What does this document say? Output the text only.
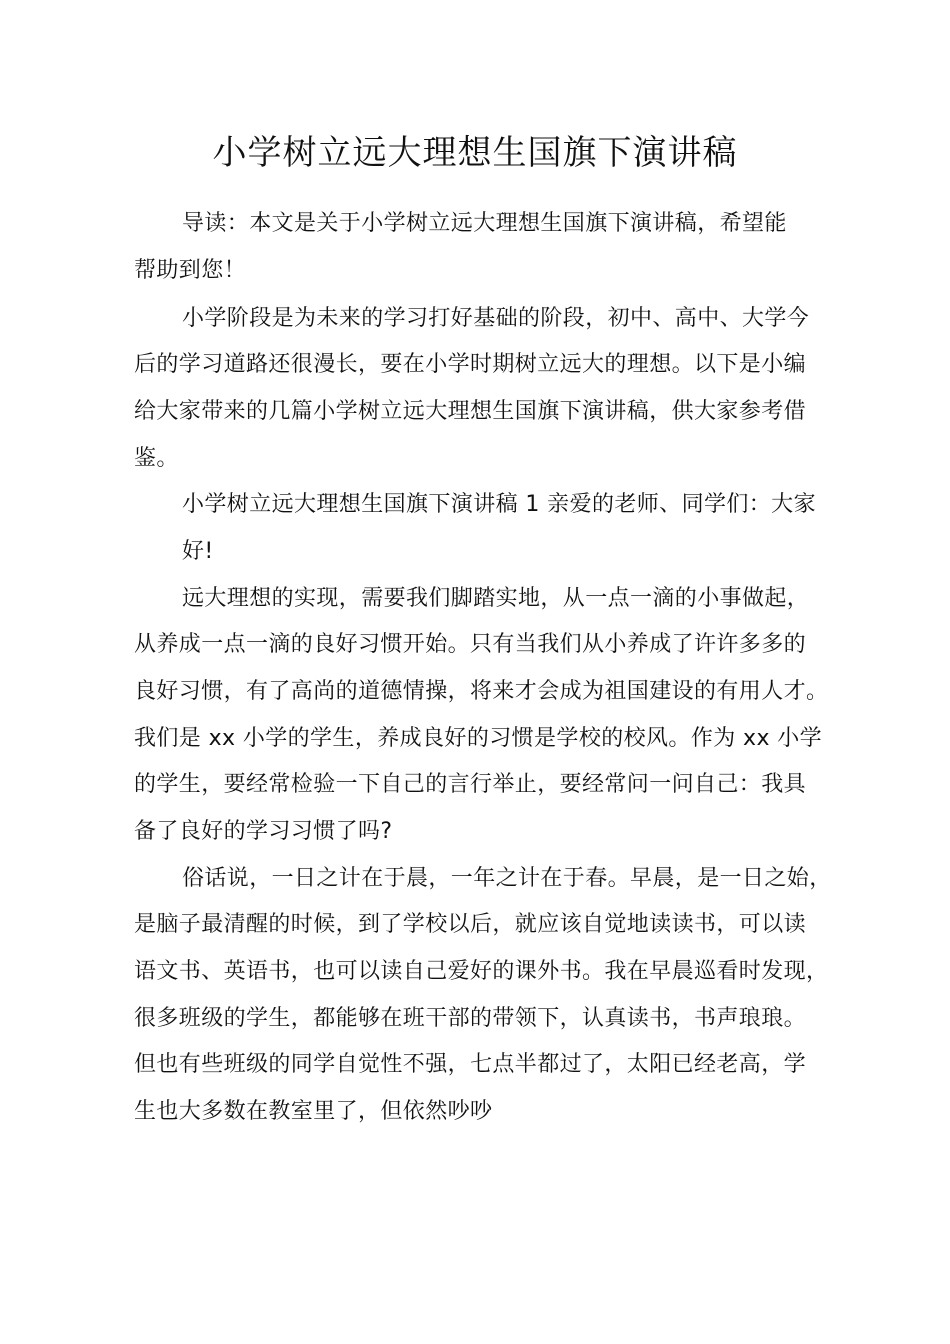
小学树立远大理想生国旗下演讲稿

导读：本文是关于小学树立远大理想生国旗下演讲稿，希望能

帮助到您！

小学阶段是为未来的学习打好基础的阶段，初中、高中、大学今

后的学习道路还很漫长，要在小学时期树立远大的理想。以下是小编

给大家带来的几篇小学树立远大理想生国旗下演讲稿，供大家参考借

鉴。

小学树立远大理想生国旗下演讲稿 1 亲爱的老师、同学们：大家

好!

远大理想的实现，需要我们脚踏实地，从一点一滴的小事做起，

从养成一点一滴的良好习惯开始。只有当我们从小养成了许许多多的

良好习惯，有了高尚的道德情操，将来才会成为祖国建设的有用人才。

我们是 xx 小学的学生，养成良好的习惯是学校的校风。作为 xx 小学

的学生，要经常检验一下自己的言行举止，要经常问一问自己：我具

备了良好的学习习惯了吗?

俗话说，一日之计在于晨，一年之计在于春。早晨，是一日之始，

是脑子最清醒的时候，到了学校以后，就应该自觉地读读书，可以读

语文书、英语书，也可以读自己爱好的课外书。我在早晨巡看时发现，

很多班级的学生，都能够在班干部的带领下，认真读书，书声琅琅。

但也有些班级的同学自觉性不强，七点半都过了，太阳已经老高，学

生也大多数在教室里了，但依然吵吵
